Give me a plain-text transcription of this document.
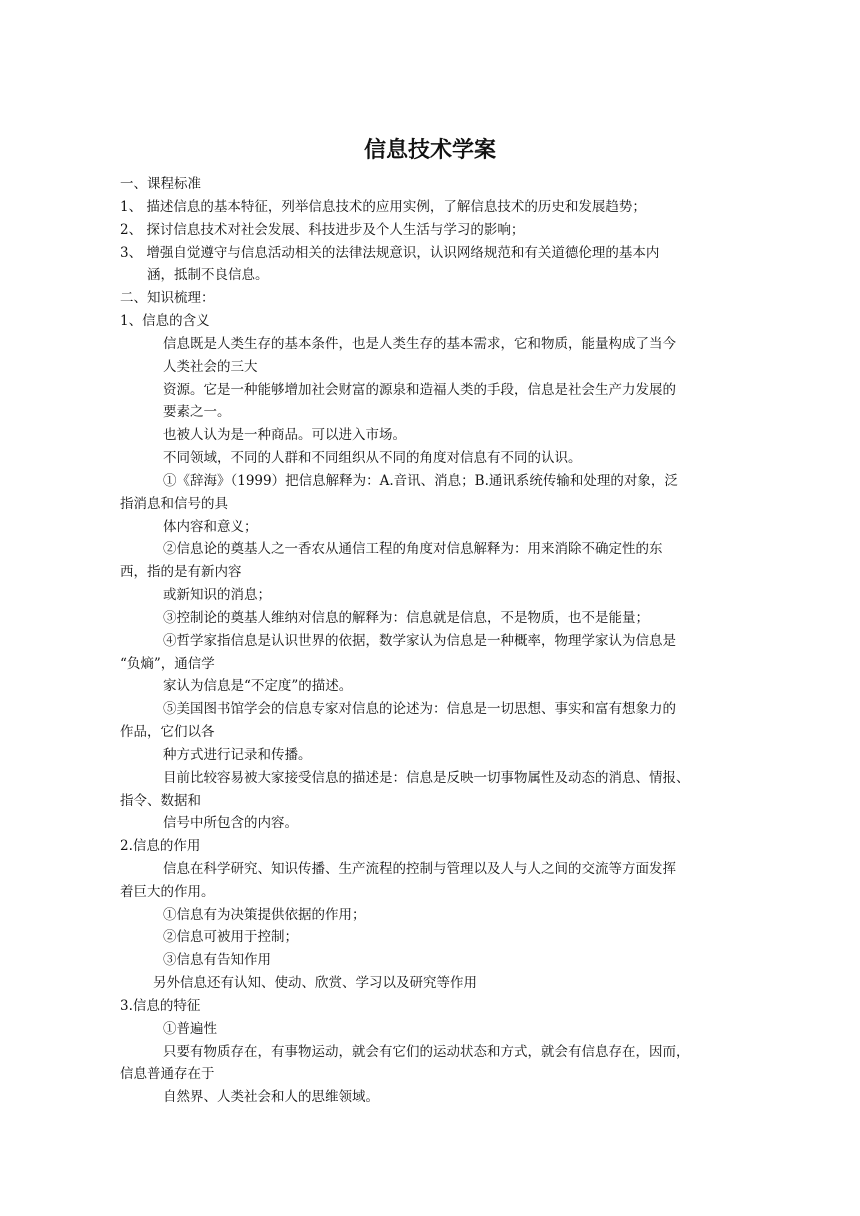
信息技术学案
一、课程标准
1、 描述信息的基本特征，列举信息技术的应用实例，了解信息技术的历史和发展趋势；
2、 探讨信息技术对社会发展、科技进步及个人生活与学习的影响；
3、 增强自觉遵守与信息活动相关的法律法规意识，认识网络规范和有关道德伦理的基本内
涵，抵制不良信息。
二、知识梳理：
1、信息的含义
信息既是人类生存的基本条件，也是人类生存的基本需求，它和物质，能量构成了当今
人类社会的三大
资源。它是一种能够增加社会财富的源泉和造福人类的手段，信息是社会生产力发展的
要素之一。
也被人认为是一种商品。可以进入市场。
不同领域，不同的人群和不同组织从不同的角度对信息有不同的认识。
①《辞海》（1999）把信息解释为：A.音讯、消息；B.通讯系统传输和处理的对象，泛
指消息和信号的具
体内容和意义；
②信息论的奠基人之一香农从通信工程的角度对信息解释为：用来消除不确定性的东
西，指的是有新内容
或新知识的消息；
③控制论的奠基人维纳对信息的解释为：信息就是信息，不是物质，也不是能量；
④哲学家指信息是认识世界的依据，数学家认为信息是一种概率，物理学家认为信息是
“负熵”，通信学
家认为信息是“不定度”的描述。
⑤美国图书馆学会的信息专家对信息的论述为：信息是一切思想、事实和富有想象力的
作品，它们以各
种方式进行记录和传播。
目前比较容易被大家接受信息的描述是：信息是反映一切事物属性及动态的消息、情报、
指令、数据和
信号中所包含的内容。
2.信息的作用
信息在科学研究、知识传播、生产流程的控制与管理以及人与人之间的交流等方面发挥
着巨大的作用。
①信息有为决策提供依据的作用；
②信息可被用于控制；
③信息有告知作用
另外信息还有认知、使动、欣赏、学习以及研究等作用
3.信息的特征
①普遍性
只要有物质存在，有事物运动，就会有它们的运动状态和方式，就会有信息存在，因而，
信息普通存在于
自然界、人类社会和人的思维领域。
